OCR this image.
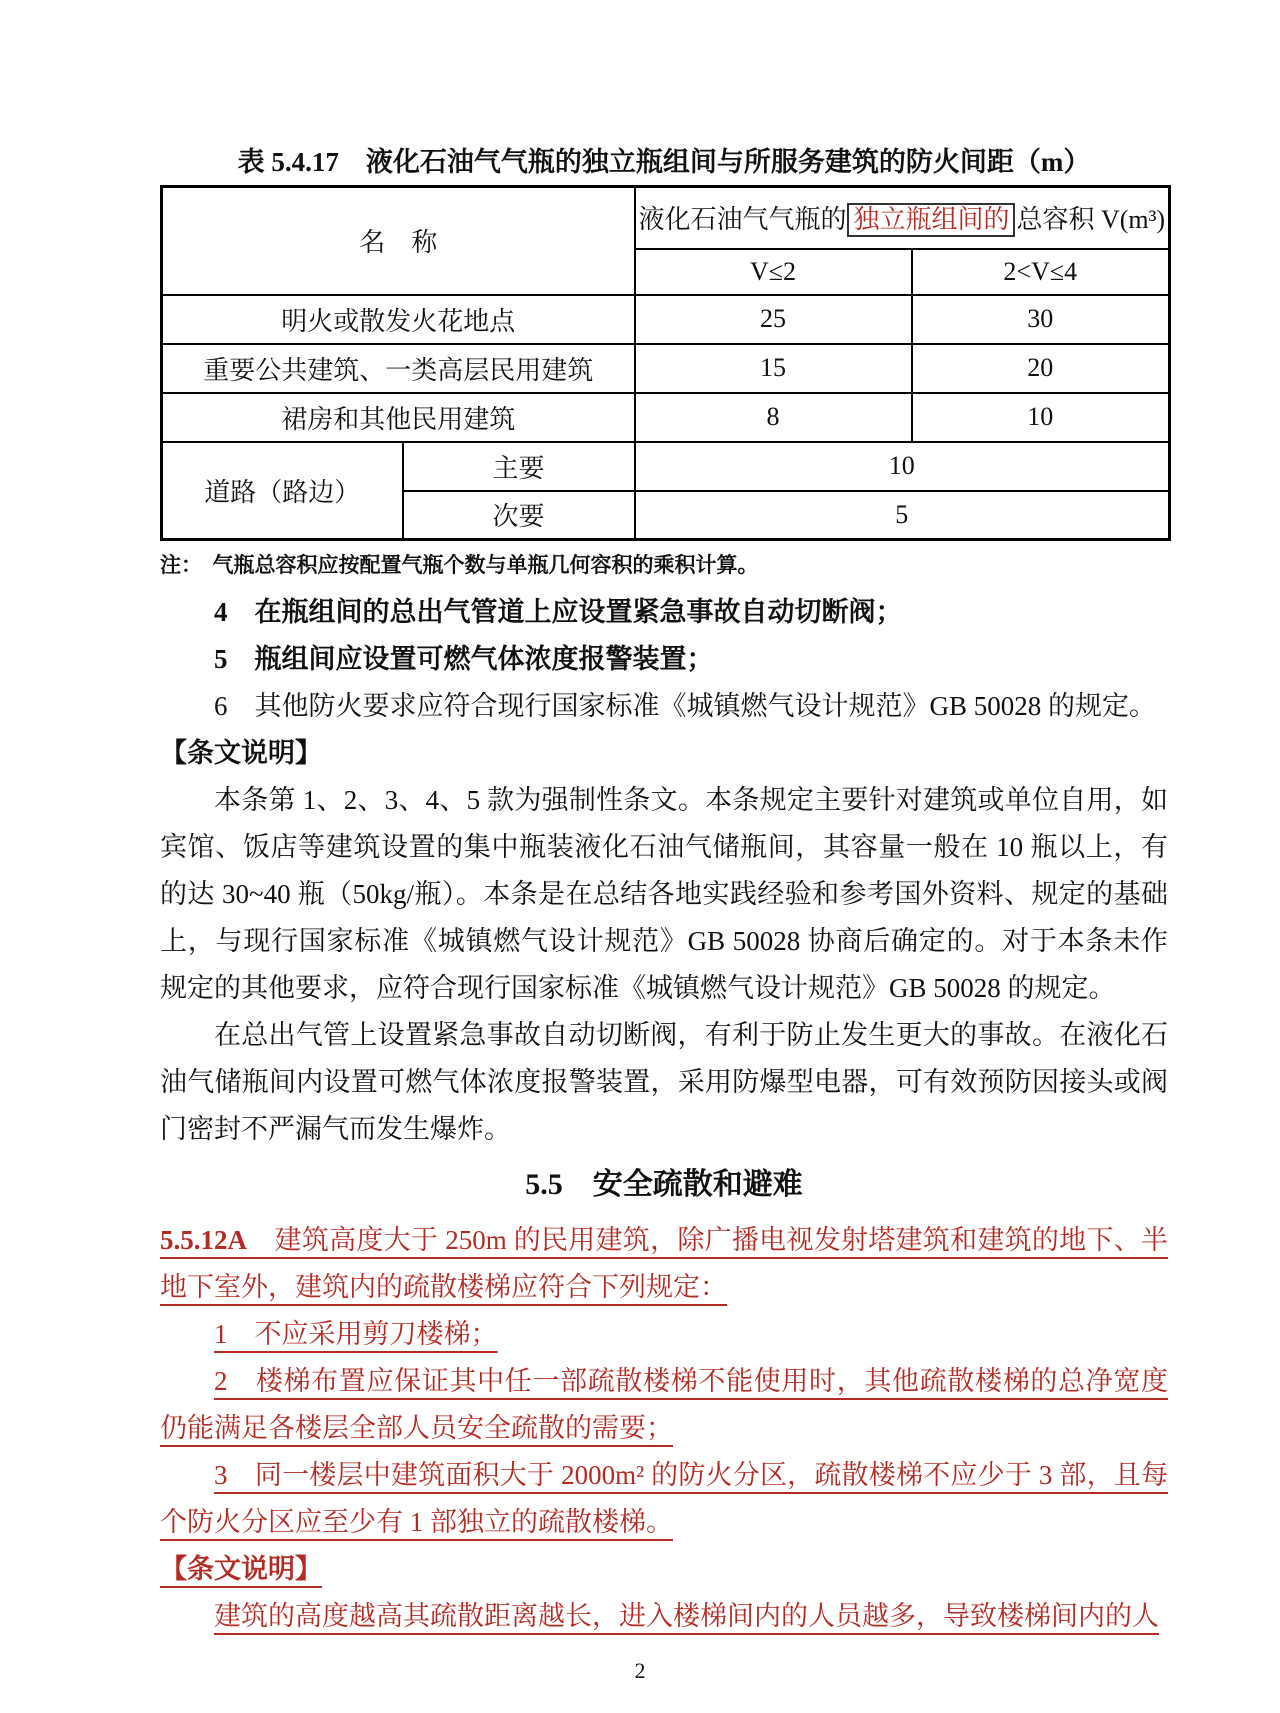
表 5.4.17　液化石油气气瓶的独立瓶组间与所服务建筑的防火间距（m）
名　称		液化石油气气瓶的 独立瓶组间的 总容积 V(m³)	
		V≤2	2<V≤4
明火或散发火花地点		25	30
重要公共建筑、一类高层民用建筑		15	20
裙房和其他民用建筑		8	10
道路（路边）	主要	10	
	次要	5	
注：　气瓶总容积应按配置气瓶个数与单瓶几何容积的乘积计算。

4　在瓶组间的总出气管道上应设置紧急事故自动切断阀；

5　瓶组间应设置可燃气体浓度报警装置；

6　其他防火要求应符合现行国家标准《城镇燃气设计规范》GB 50028 的规定。

【条文说明】

本条第 1、2、3、4、5 款为强制性条文。本条规定主要针对建筑或单位自用，如宾馆、饭店等建筑设置的集中瓶装液化石油气储瓶间，其容量一般在 10 瓶以上，有的达 30~40 瓶（50kg/瓶）。本条是在总结各地实践经验和参考国外资料、规定的基础上，与现行国家标准《城镇燃气设计规范》GB 50028 协商后确定的。对于本条未作规定的其他要求，应符合现行国家标准《城镇燃气设计规范》GB 50028 的规定。

在总出气管上设置紧急事故自动切断阀，有利于防止发生更大的事故。在液化石油气储瓶间内设置可燃气体浓度报警装置，采用防爆型电器，可有效预防因接头或阀门密封不严漏气而发生爆炸。

5.5　安全疏散和避难

5.5.12A　建筑高度大于 250m 的民用建筑，除广播电视发射塔建筑和建筑的地下、半地下室外，建筑内的疏散楼梯应符合下列规定：

1　不应采用剪刀楼梯；

2　楼梯布置应保证其中任一部疏散楼梯不能使用时，其他疏散楼梯的总净宽度仍能满足各楼层全部人员安全疏散的需要；

3　同一楼层中建筑面积大于 2000m² 的防火分区，疏散楼梯不应少于 3 部，且每个防火分区应至少有 1 部独立的疏散楼梯。

【条文说明】

建筑的高度越高其疏散距离越长，进入楼梯间内的人员越多，导致楼梯间内的人

2
